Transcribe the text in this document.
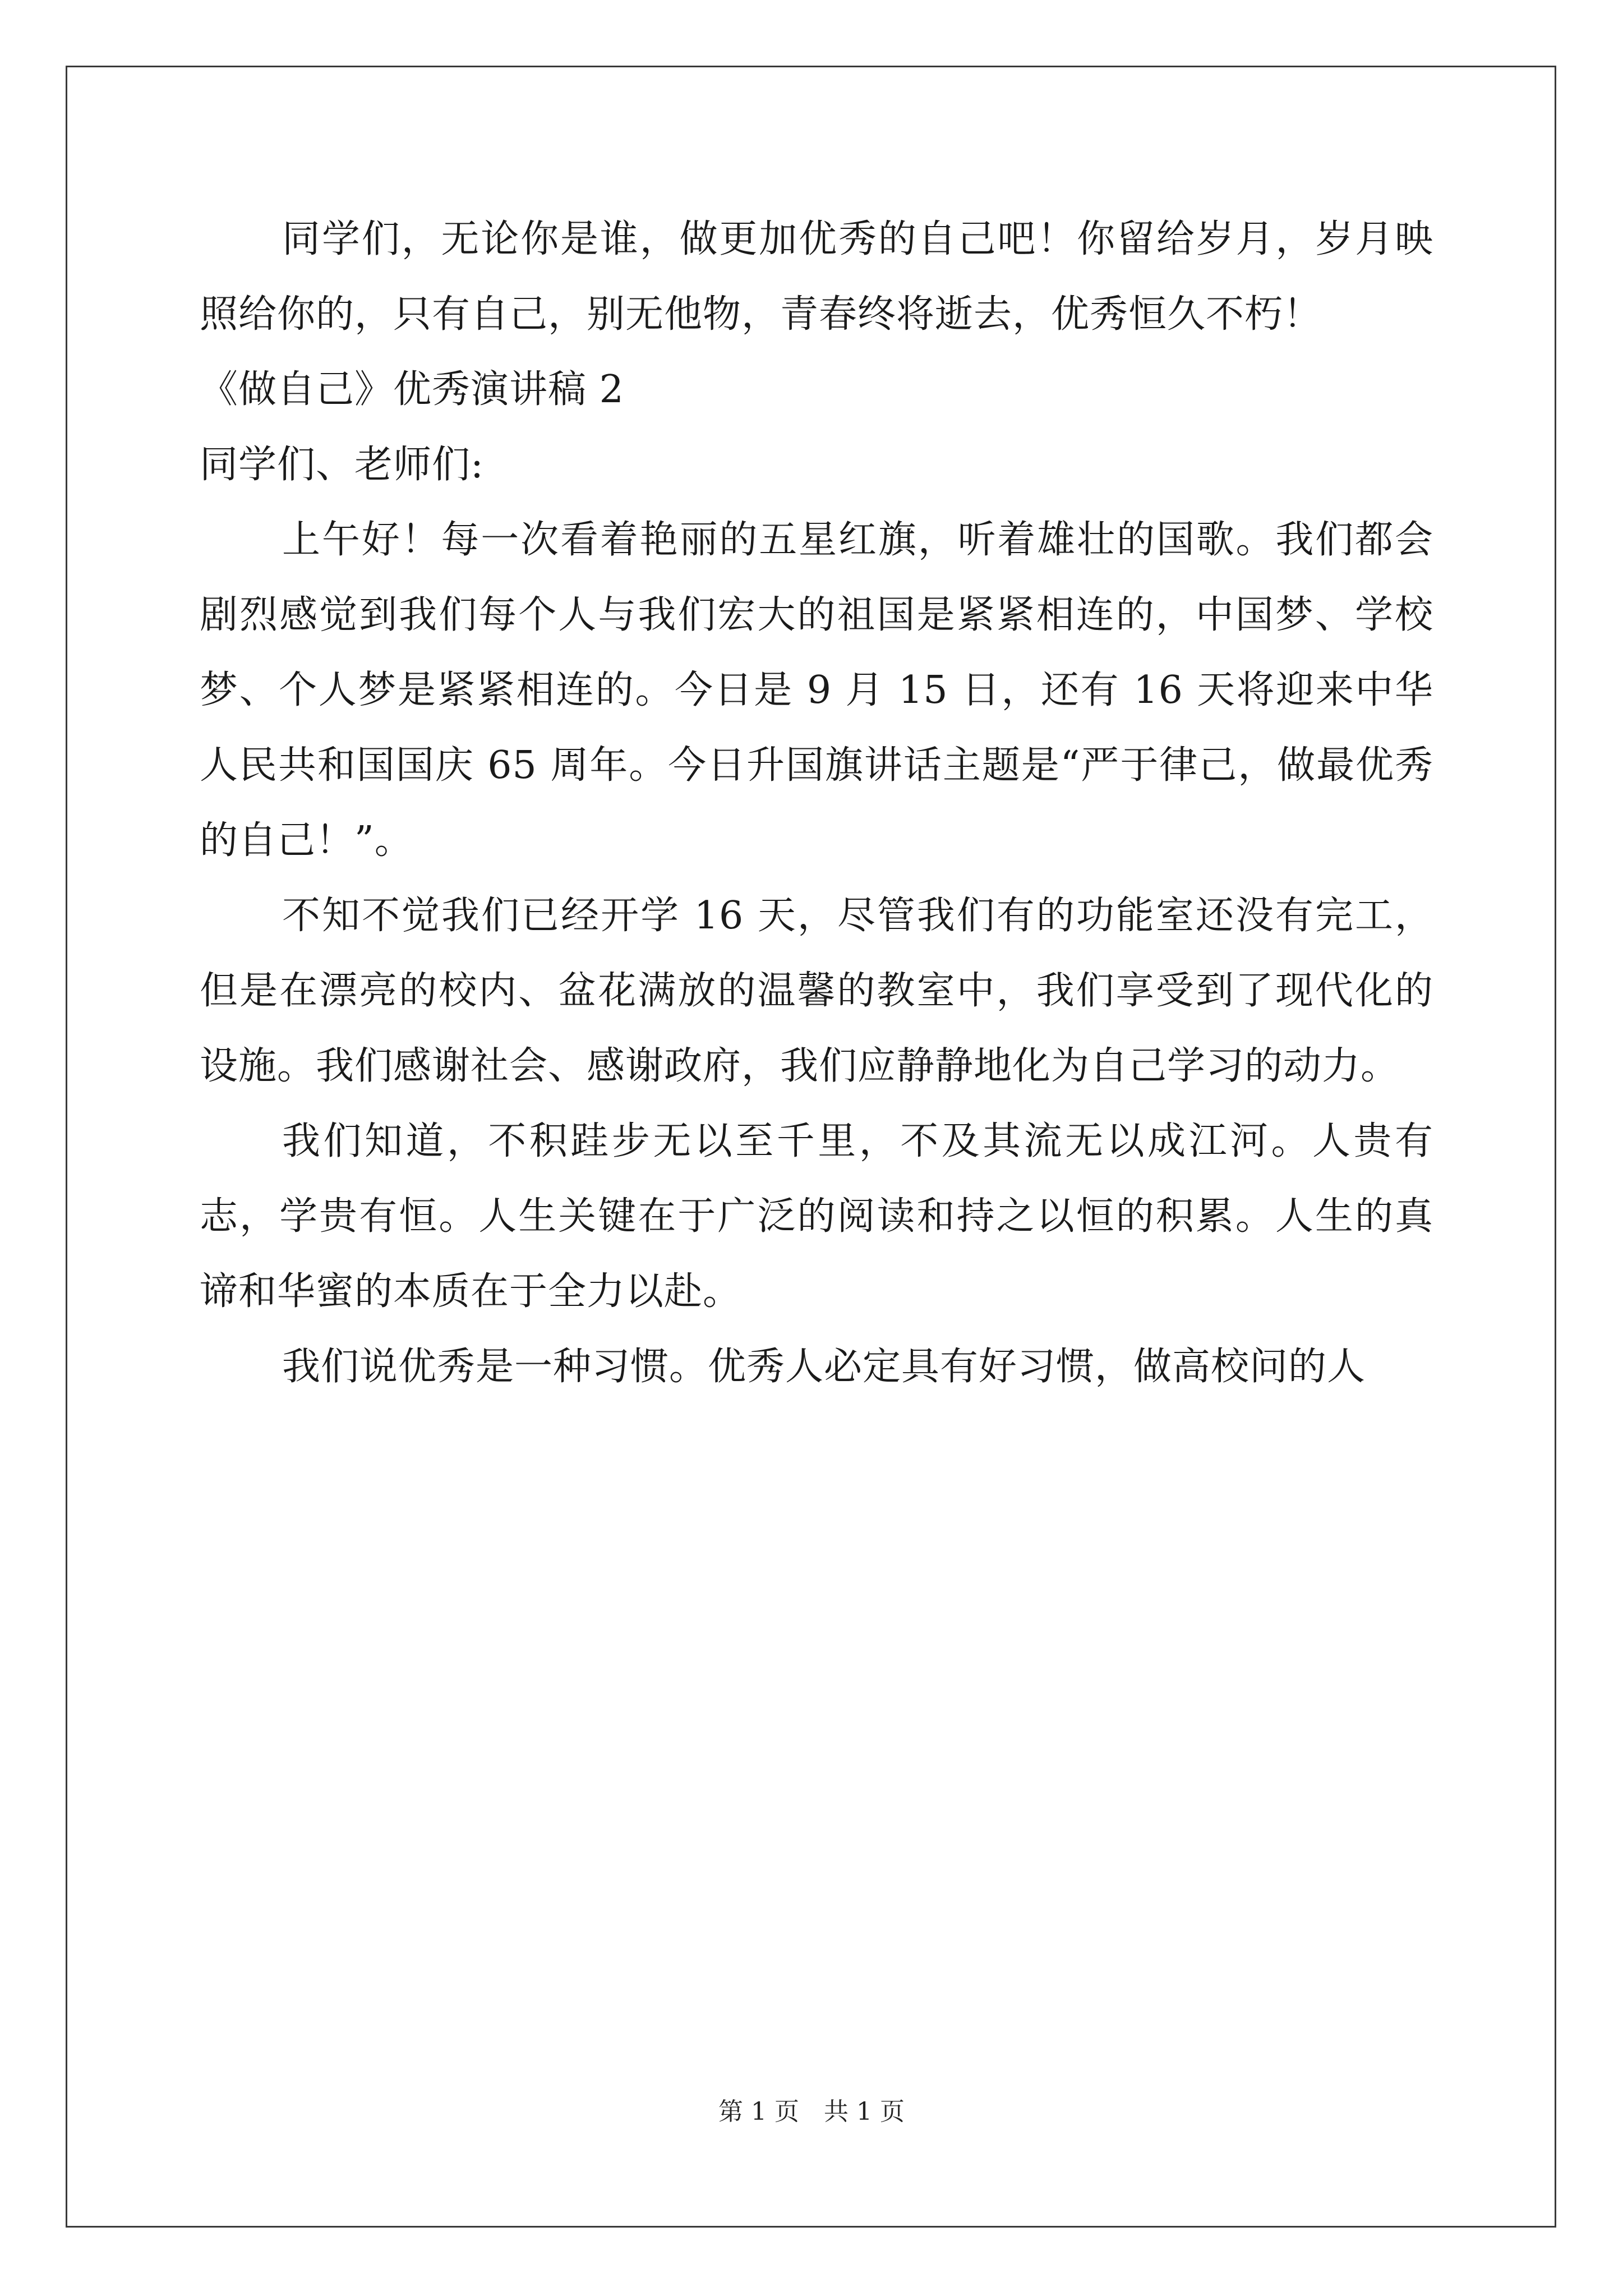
同学们，无论你是谁，做更加优秀的自己吧！你留给岁月，岁月映照给你的，只有自己，别无他物，青春终将逝去，优秀恒久不朽！

《做自己》优秀演讲稿 2

同学们、老师们:

上午好！每一次看着艳丽的五星红旗，听着雄壮的国歌。我们都会剧烈感觉到我们每个人与我们宏大的祖国是紧紧相连的，中国梦、学校梦、个人梦是紧紧相连的。今日是 9 月 15 日，还有 16 天将迎来中华人民共和国国庆 65 周年。今日升国旗讲话主题是“严于律己，做最优秀的自己！”。

不知不觉我们已经开学 16 天，尽管我们有的功能室还没有完工，但是在漂亮的校内、盆花满放的温馨的教室中，我们享受到了现代化的设施。我们感谢社会、感谢政府，我们应静静地化为自己学习的动力。

我们知道，不积跬步无以至千里，不及其流无以成江河。人贵有志，学贵有恒。人生关键在于广泛的阅读和持之以恒的积累。人生的真谛和华蜜的本质在于全力以赴。

我们说优秀是一种习惯。优秀人必定具有好习惯，做高校问的人

第 1 页　共 1 页
